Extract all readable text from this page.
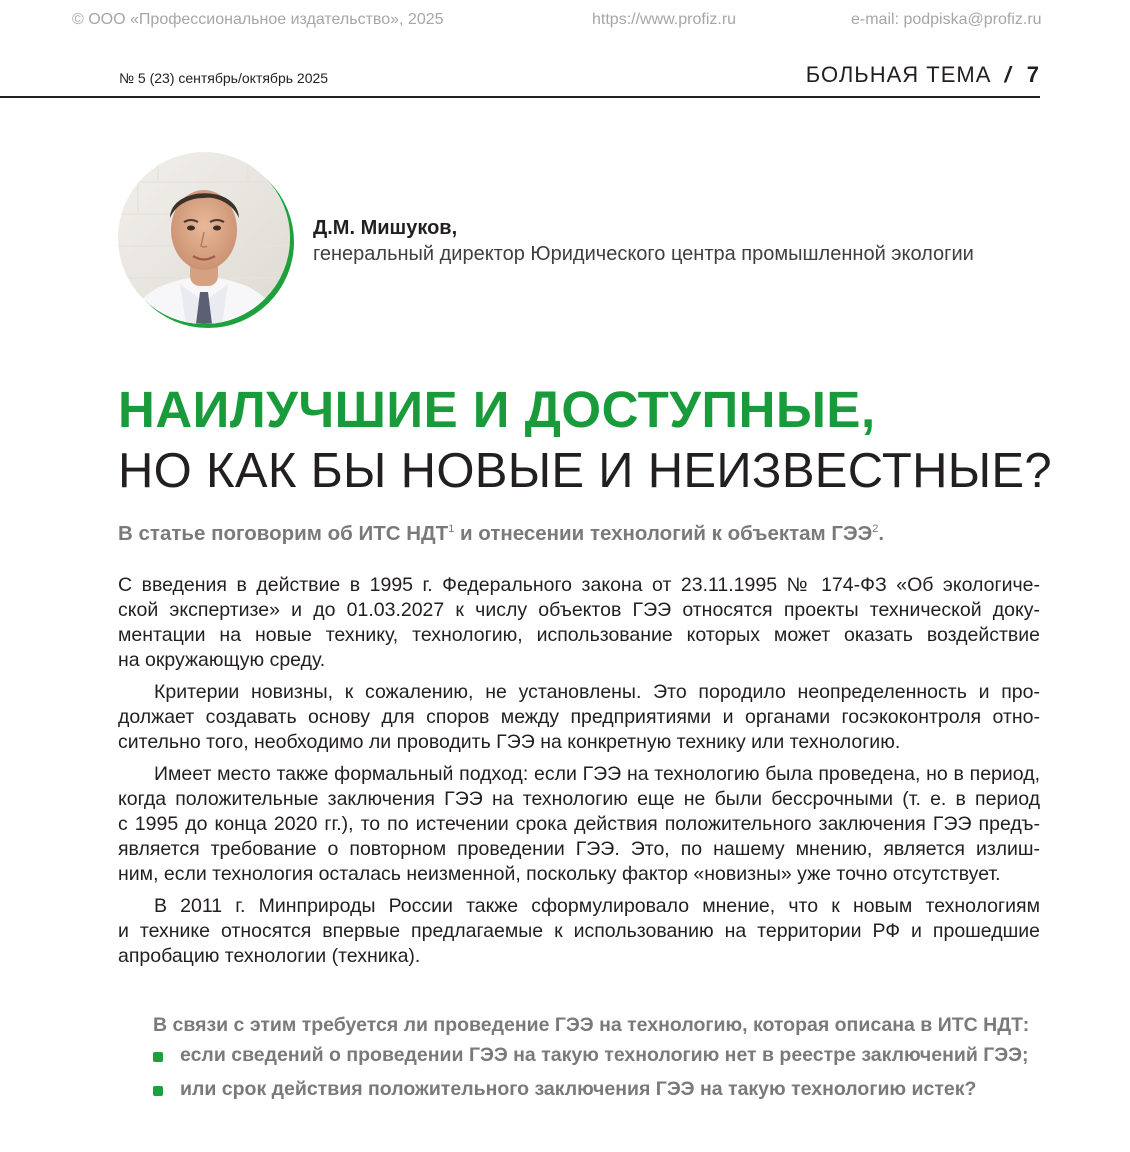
© ООО «Профессиональное издательство», 2025	https://www.profiz.ru	e-mail: podpiska@profiz.ru
№ 5 (23) сентябрь/октябрь 2025	БОЛЬНАЯ ТЕМА / 7
Д.М. Мишуков,
генеральный директор Юридического центра промышленной экологии
НАИЛУЧШИЕ И ДОСТУПНЫЕ,
НО КАК БЫ НОВЫЕ И НЕИЗВЕСТНЫЕ?
В статье поговорим об ИТС НДТ$^1$ и отнесении технологий к объектам ГЭЭ$^2$.

С введения в действие в 1995 г. Федерального закона от 23.11.1995 № 174-ФЗ «Об экологиче-
ской экспертизе» и до 01.03.2027 к числу объектов ГЭЭ относятся проекты технической доку-
ментации на новые технику, технологию, использование которых может оказать воздействие
на окружающую среду.

Критерии новизны, к сожалению, не установлены. Это породило неопределенность и про-
должает создавать основу для споров между предприятиями и органами госэкоконтроля отно-
сительно того, необходимо ли проводить ГЭЭ на конкретную технику или технологию.

Имеет место также формальный подход: если ГЭЭ на технологию была проведена, но в период,
когда положительные заключения ГЭЭ на технологию еще не были бессрочными (т. е. в период
с 1995 до конца 2020 гг.), то по истечении срока действия положительного заключения ГЭЭ предъ-
является требование о повторном проведении ГЭЭ. Это, по нашему мнению, является излиш-
ним, если технология осталась неизменной, поскольку фактор «новизны» уже точно отсутствует.

В 2011 г. Минприроды России также сформулировало мнение, что к новым технологиям
и технике относятся впервые предлагаемые к использованию на территории РФ и прошедшие
апробацию технологии (техника).

В связи с этим требуется ли проведение ГЭЭ на технологию, которая описана в ИТС НДТ:
если сведений о проведении ГЭЭ на такую технологию нет в реестре заключений ГЭЭ;
или срок действия положительного заключения ГЭЭ на такую технологию истек?
